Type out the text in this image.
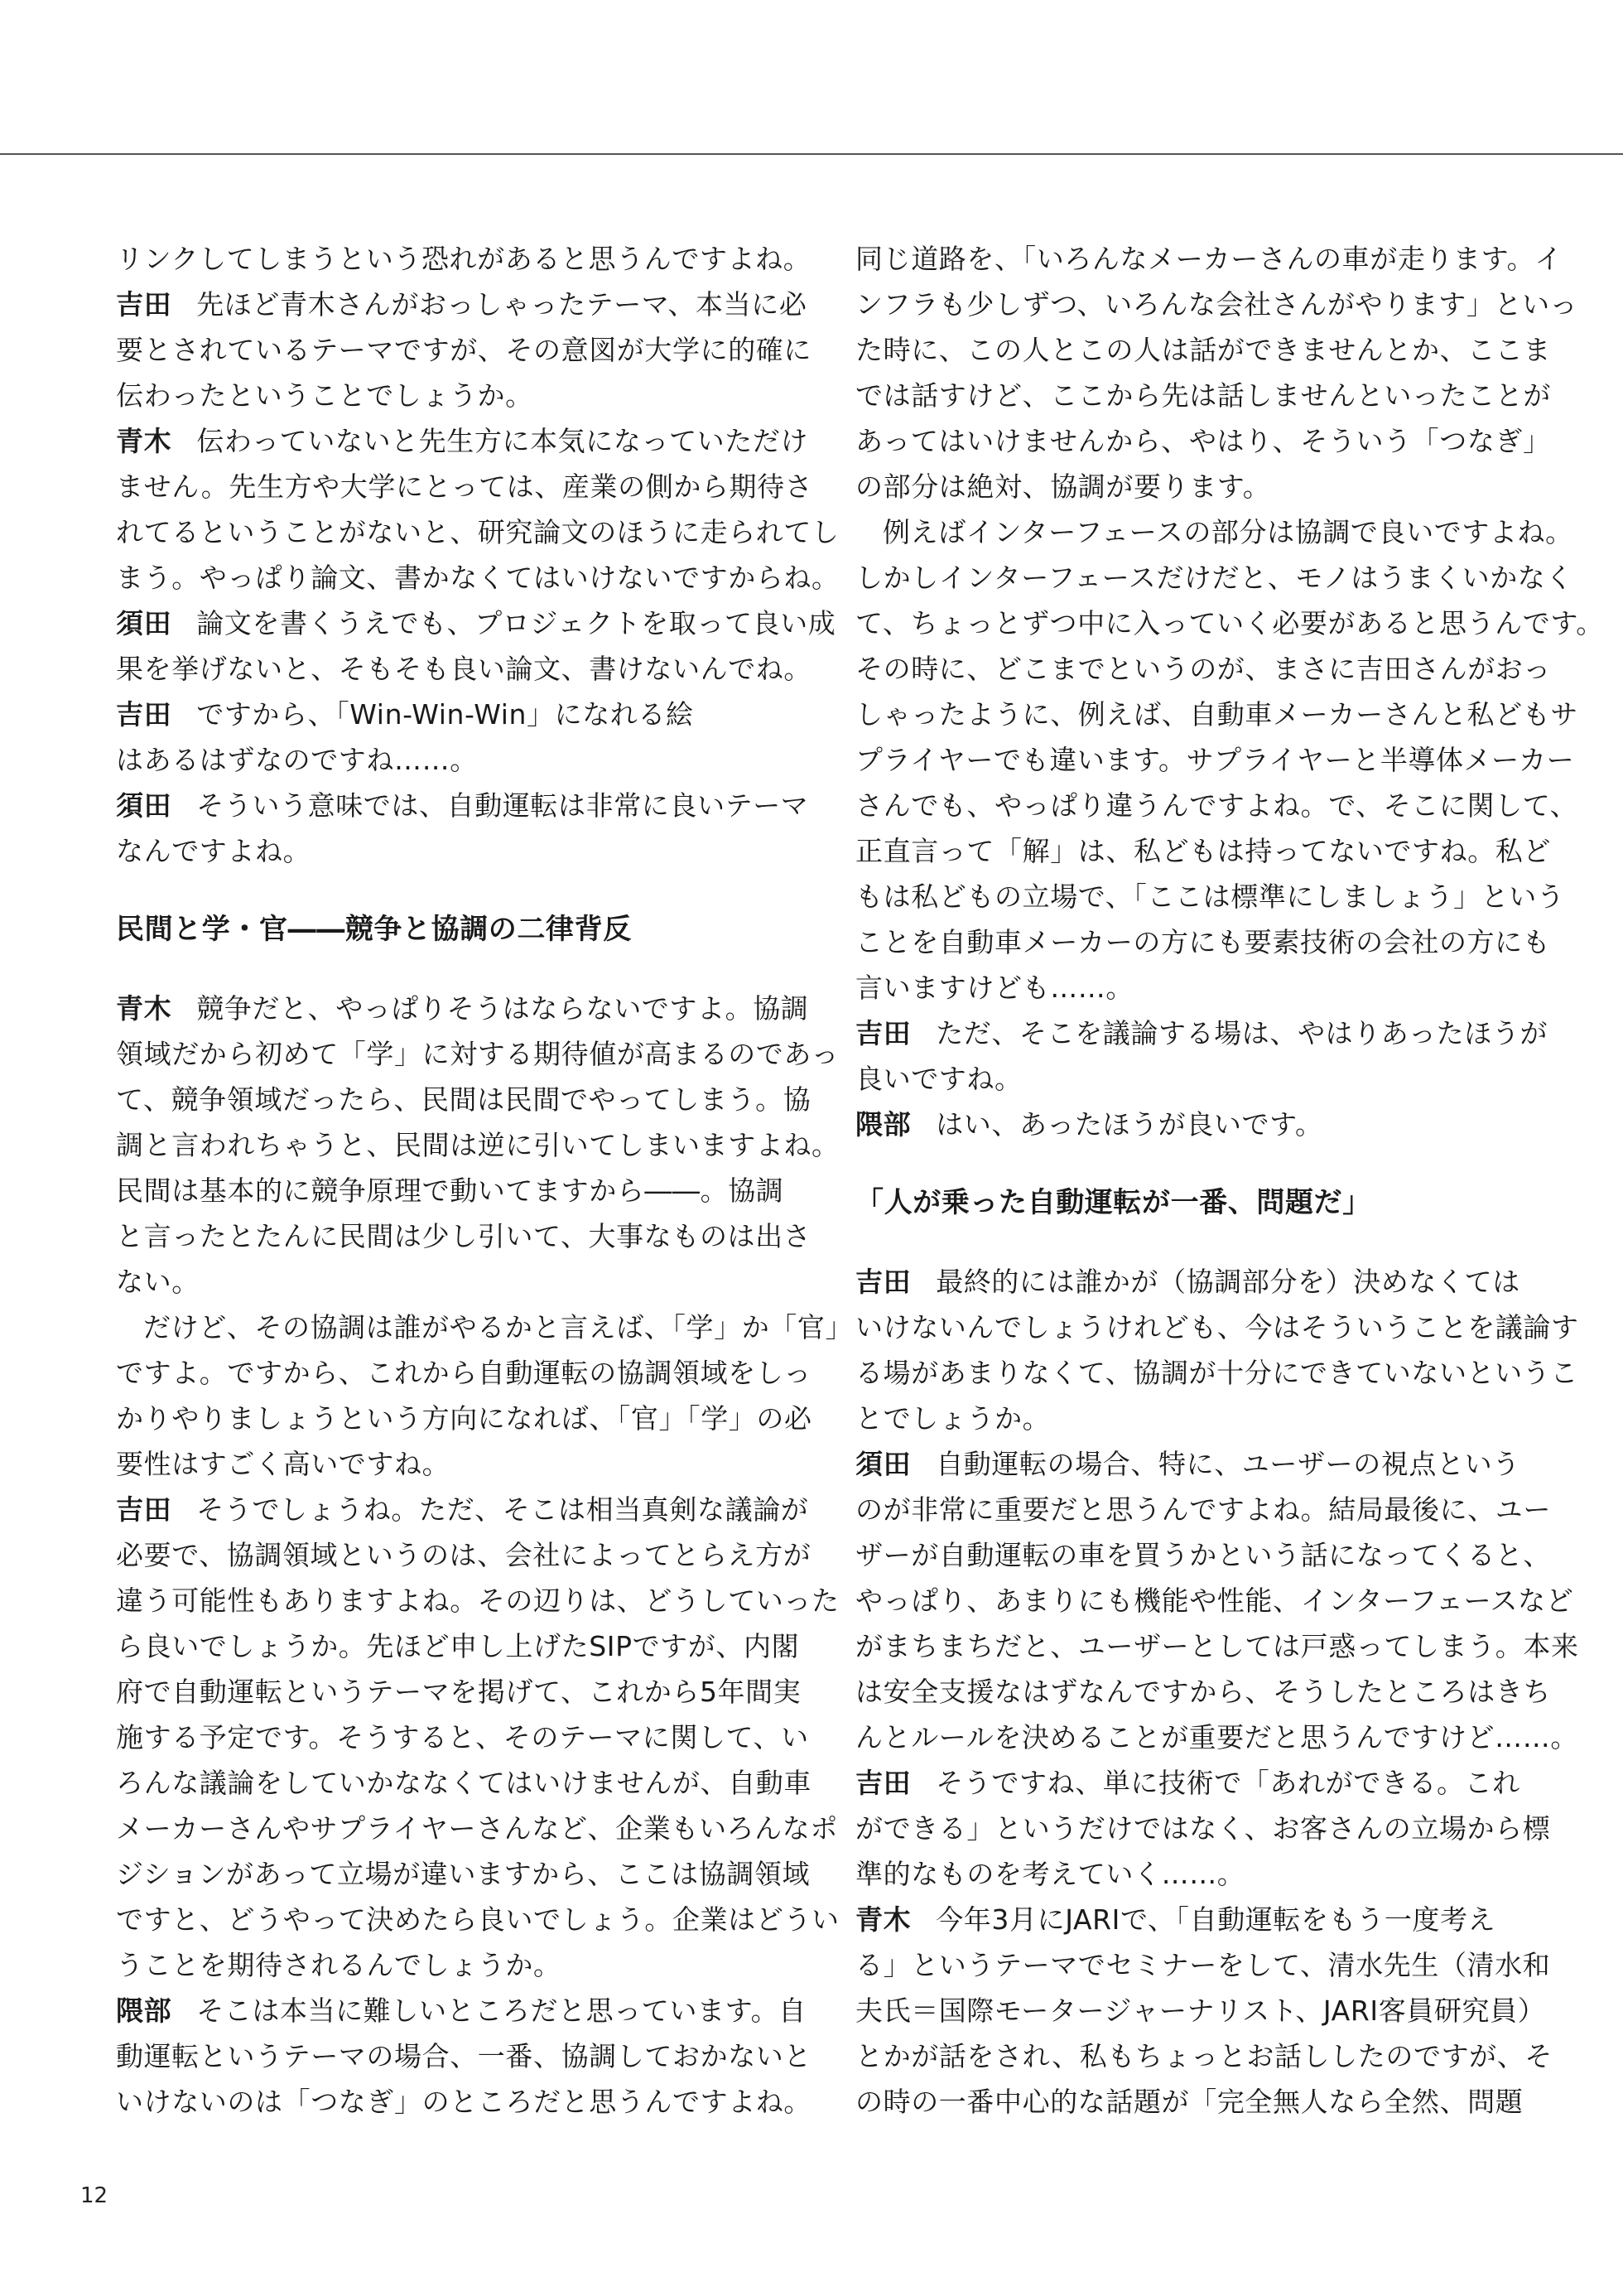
リンクしてしまうという恐れがあると思うんですよね。
吉田 先ほど青木さんがおっしゃったテーマ、本当に必
要とされているテーマですが、その意図が大学に的確に
伝わったということでしょうか。
青木 伝わっていないと先生方に本気になっていただけ
ません。先生方や大学にとっては、産業の側から期待さ
れてるということがないと、研究論文のほうに走られてし
まう。やっぱり論文、書かなくてはいけないですからね。
須田 論文を書くうえでも、プロジェクトを取って良い成
果を挙げないと、そもそも良い論文、書けないんでね。
吉田 ですから、「Win-Win-Win」になれる絵
はあるはずなのですね……。
須田 そういう意味では、自動運転は非常に良いテーマ
なんですよね。
民間と学・官――競争と協調の二律背反
青木 競争だと、やっぱりそうはならないですよ。協調
領域だから初めて「学」に対する期待値が高まるのであっ
て、競争領域だったら、民間は民間でやってしまう。協
調と言われちゃうと、民間は逆に引いてしまいますよね。
民間は基本的に競争原理で動いてますから――。協調
と言ったとたんに民間は少し引いて、大事なものは出さ
ない。
だけど、その協調は誰がやるかと言えば、「学」か「官」
ですよ。ですから、これから自動運転の協調領域をしっ
かりやりましょうという方向になれば、「官」「学」の必
要性はすごく高いですね。
吉田 そうでしょうね。ただ、そこは相当真剣な議論が
必要で、協調領域というのは、会社によってとらえ方が
違う可能性もありますよね。その辺りは、どうしていった
ら良いでしょうか。先ほど申し上げたSIPですが、内閣
府で自動運転というテーマを掲げて、これから5年間実
施する予定です。そうすると、そのテーマに関して、い
ろんな議論をしていかななくてはいけませんが、自動車
メーカーさんやサプライヤーさんなど、企業もいろんなポ
ジションがあって立場が違いますから、ここは協調領域
ですと、どうやって決めたら良いでしょう。企業はどうい
うことを期待されるんでしょうか。
隈部 そこは本当に難しいところだと思っています。自
動運転というテーマの場合、一番、協調しておかないと
いけないのは「つなぎ」のところだと思うんですよね。
同じ道路を、「いろんなメーカーさんの車が走ります。イ
ンフラも少しずつ、いろんな会社さんがやります」といっ
た時に、この人とこの人は話ができませんとか、ここま
では話すけど、ここから先は話しませんといったことが
あってはいけませんから、やはり、そういう「つなぎ」
の部分は絶対、協調が要ります。
例えばインターフェースの部分は協調で良いですよね。
しかしインターフェースだけだと、モノはうまくいかなく
て、ちょっとずつ中に入っていく必要があると思うんです。
その時に、どこまでというのが、まさに吉田さんがおっ
しゃったように、例えば、自動車メーカーさんと私どもサ
プライヤーでも違います。サプライヤーと半導体メーカー
さんでも、やっぱり違うんですよね。で、そこに関して、
正直言って「解」は、私どもは持ってないですね。私ど
もは私どもの立場で、「ここは標準にしましょう」という
ことを自動車メーカーの方にも要素技術の会社の方にも
言いますけども……。
吉田 ただ、そこを議論する場は、やはりあったほうが
良いですね。
隈部 はい、あったほうが良いです。
「人が乗った自動運転が一番、問題だ」
吉田 最終的には誰かが（協調部分を）決めなくては
いけないんでしょうけれども、今はそういうことを議論す
る場があまりなくて、協調が十分にできていないというこ
とでしょうか。
須田 自動運転の場合、特に、ユーザーの視点という
のが非常に重要だと思うんですよね。結局最後に、ユー
ザーが自動運転の車を買うかという話になってくると、
やっぱり、あまりにも機能や性能、インターフェースなど
がまちまちだと、ユーザーとしては戸惑ってしまう。本来
は安全支援なはずなんですから、そうしたところはきち
んとルールを決めることが重要だと思うんですけど……。
吉田 そうですね、単に技術で「あれができる。これ
ができる」というだけではなく、お客さんの立場から標
準的なものを考えていく……。
青木 今年3月にJARIで、「自動運転をもう一度考え
る」というテーマでセミナーをして、清水先生（清水和
夫氏＝国際モータージャーナリスト、JARI客員研究員）
とかが話をされ、私もちょっとお話ししたのですが、そ
の時の一番中心的な話題が「完全無人なら全然、問題
12
